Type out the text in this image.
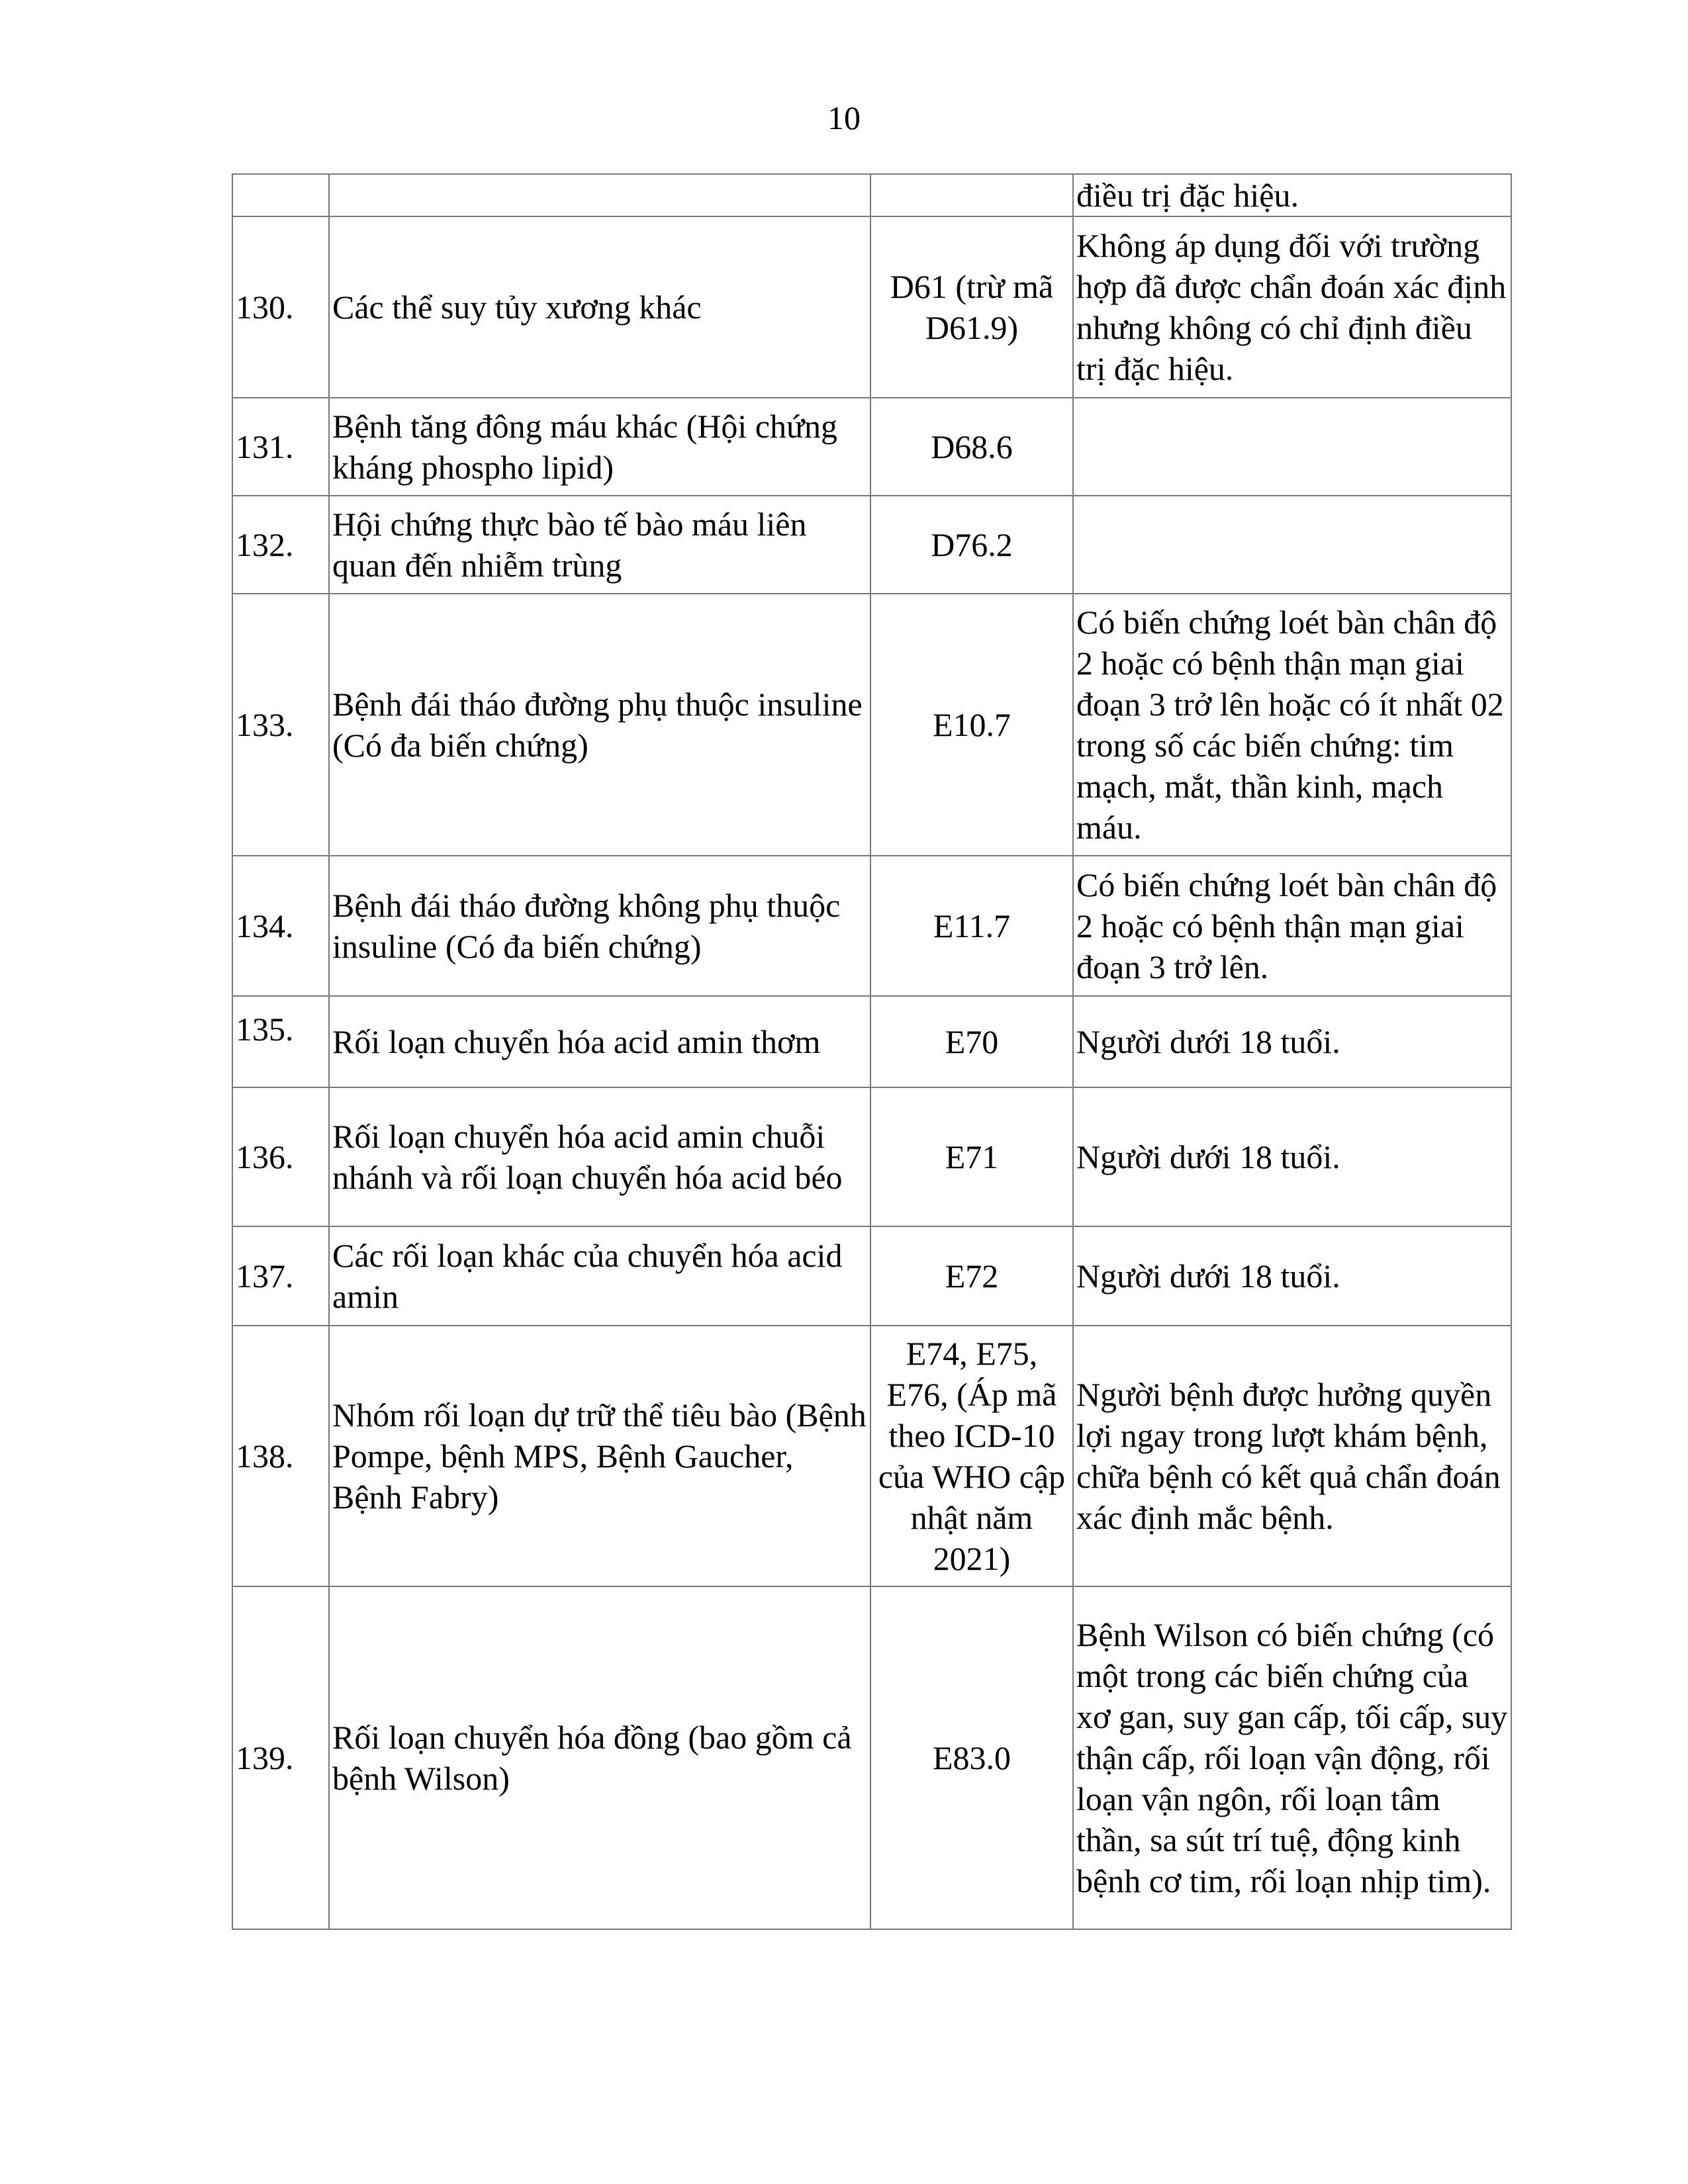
10
			điều trị đặc hiệu.
130.	Các thể suy tủy xương khác	D61 (trừ mã D61.9)	Không áp dụng đối với trường hợp đã được chẩn đoán xác định nhưng không có chỉ định điều trị đặc hiệu.
131.	Bệnh tăng đông máu khác (Hội chứng kháng phospho lipid)	D68.6	
132.	Hội chứng thực bào tế bào máu liên quan đến nhiễm trùng	D76.2	
133.	Bệnh đái tháo đường phụ thuộc insuline (Có đa biến chứng)	E10.7	Có biến chứng loét bàn chân độ 2 hoặc có bệnh thận mạn giai đoạn 3 trở lên hoặc có ít nhất 02 trong số các biến chứng: tim mạch, mắt, thần kinh, mạch máu.
134.	Bệnh đái tháo đường không phụ thuộc insuline (Có đa biến chứng)	E11.7	Có biến chứng loét bàn chân độ 2 hoặc có bệnh thận mạn giai đoạn 3 trở lên.
135.	Rối loạn chuyển hóa acid amin thơm	E70	Người dưới 18 tuổi.
136.	Rối loạn chuyển hóa acid amin chuỗi nhánh và rối loạn chuyển hóa acid béo	E71	Người dưới 18 tuổi.
137.	Các rối loạn khác của chuyển hóa acid amin	E72	Người dưới 18 tuổi.
138.	Nhóm rối loạn dự trữ thể tiêu bào (Bệnh Pompe, bệnh MPS, Bệnh Gaucher, Bệnh Fabry)	E74, E75, E76, (Áp mã theo ICD-10 của WHO cập nhật năm 2021)	Người bệnh được hưởng quyền lợi ngay trong lượt khám bệnh, chữa bệnh có kết quả chẩn đoán xác định mắc bệnh.
139.	Rối loạn chuyển hóa đồng (bao gồm cả bệnh Wilson)	E83.0	Bệnh Wilson có biến chứng (có một trong các biến chứng của xơ gan, suy gan cấp, tối cấp, suy thận cấp, rối loạn vận động, rối loạn vận ngôn, rối loạn tâm thần, sa sút trí tuệ, động kinh bệnh cơ tim, rối loạn nhịp tim).
